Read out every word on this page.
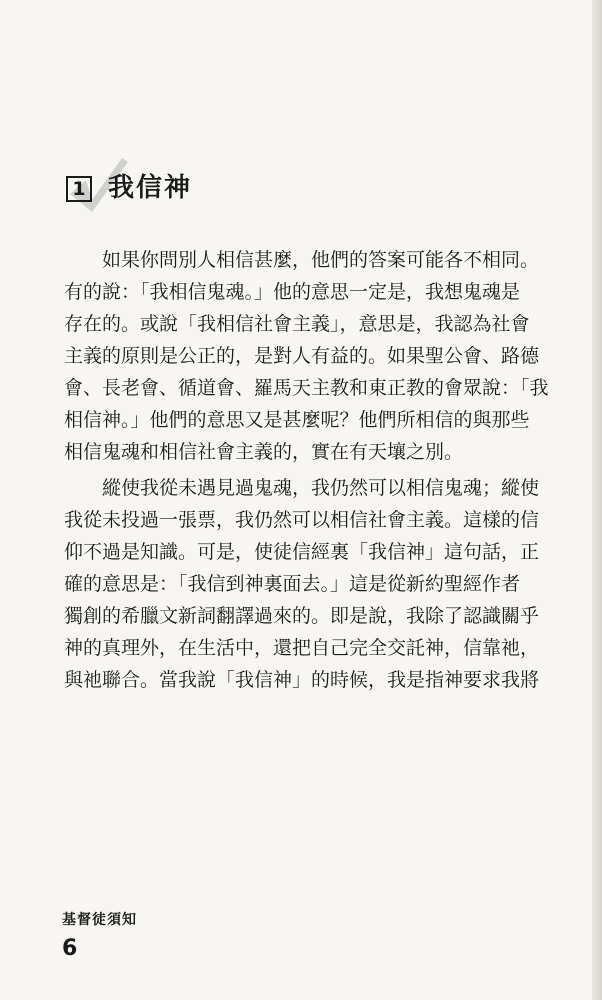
1 我信神

　　如果你問別人相信甚麼，他們的答案可能各不相同。
有的說：「我相信鬼魂。」他的意思一定是，我想鬼魂是
存在的。或說「我相信社會主義」，意思是，我認為社會
主義的原則是公正的，是對人有益的。如果聖公會、路德
會、長老會、循道會、羅馬天主教和東正教的會眾說：「我
相信神。」他們的意思又是甚麼呢？他們所相信的與那些
相信鬼魂和相信社會主義的，實在有天壤之別。

　　縱使我從未遇見過鬼魂，我仍然可以相信鬼魂；縱使
我從未投過一張票，我仍然可以相信社會主義。這樣的信
仰不過是知識。可是，使徒信經裏「我信神」這句話，正
確的意思是：「我信到神裏面去。」這是從新約聖經作者
獨創的希臘文新詞翻譯過來的。即是說，我除了認識關乎
神的真理外，在生活中，還把自己完全交託神，信靠祂，
與祂聯合。當我說「我信神」的時候，我是指神要求我將

基督徒須知
6
